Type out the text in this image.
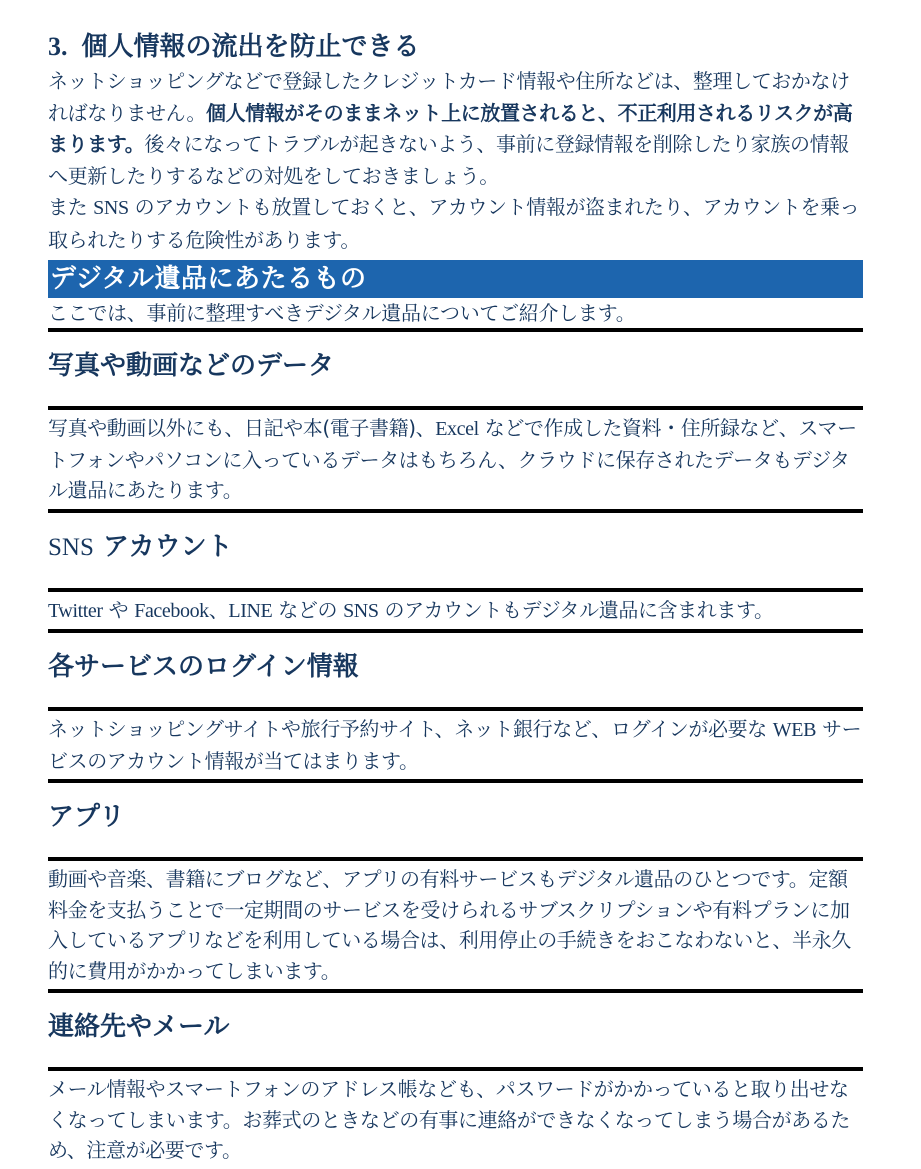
3. 個人情報の流出を防止できる

ネットショッピングなどで登録したクレジットカード情報や住所などは、整理しておかなければなりません。個人情報がそのままネット上に放置されると、不正利用されるリスクが高まります。後々になってトラブルが起きないよう、事前に登録情報を削除したり家族の情報へ更新したりするなどの対処をしておきましょう。

また SNS のアカウントも放置しておくと、アカウント情報が盗まれたり、アカウントを乗っ取られたりする危険性があります。

デジタル遺品にあたるもの

ここでは、事前に整理すべきデジタル遺品についてご紹介します。

写真や動画などのデータ

写真や動画以外にも、日記や本(電子書籍)、Excel などで作成した資料・住所録など、スマートフォンやパソコンに入っているデータはもちろん、クラウドに保存されたデータもデジタル遺品にあたります。

SNS アカウント

Twitter や Facebook、LINE などの SNS のアカウントもデジタル遺品に含まれます。

各サービスのログイン情報

ネットショッピングサイトや旅行予約サイト、ネット銀行など、ログインが必要な WEB サービスのアカウント情報が当てはまります。

アプリ

動画や音楽、書籍にブログなど、アプリの有料サービスもデジタル遺品のひとつです。定額料金を支払うことで一定期間のサービスを受けられるサブスクリプションや有料プランに加入しているアプリなどを利用している場合は、利用停止の手続きをおこなわないと、半永久的に費用がかかってしまいます。

連絡先やメール

メール情報やスマートフォンのアドレス帳なども、パスワードがかかっていると取り出せなくなってしまいます。お葬式のときなどの有事に連絡ができなくなってしまう場合があるため、注意が必要です。
